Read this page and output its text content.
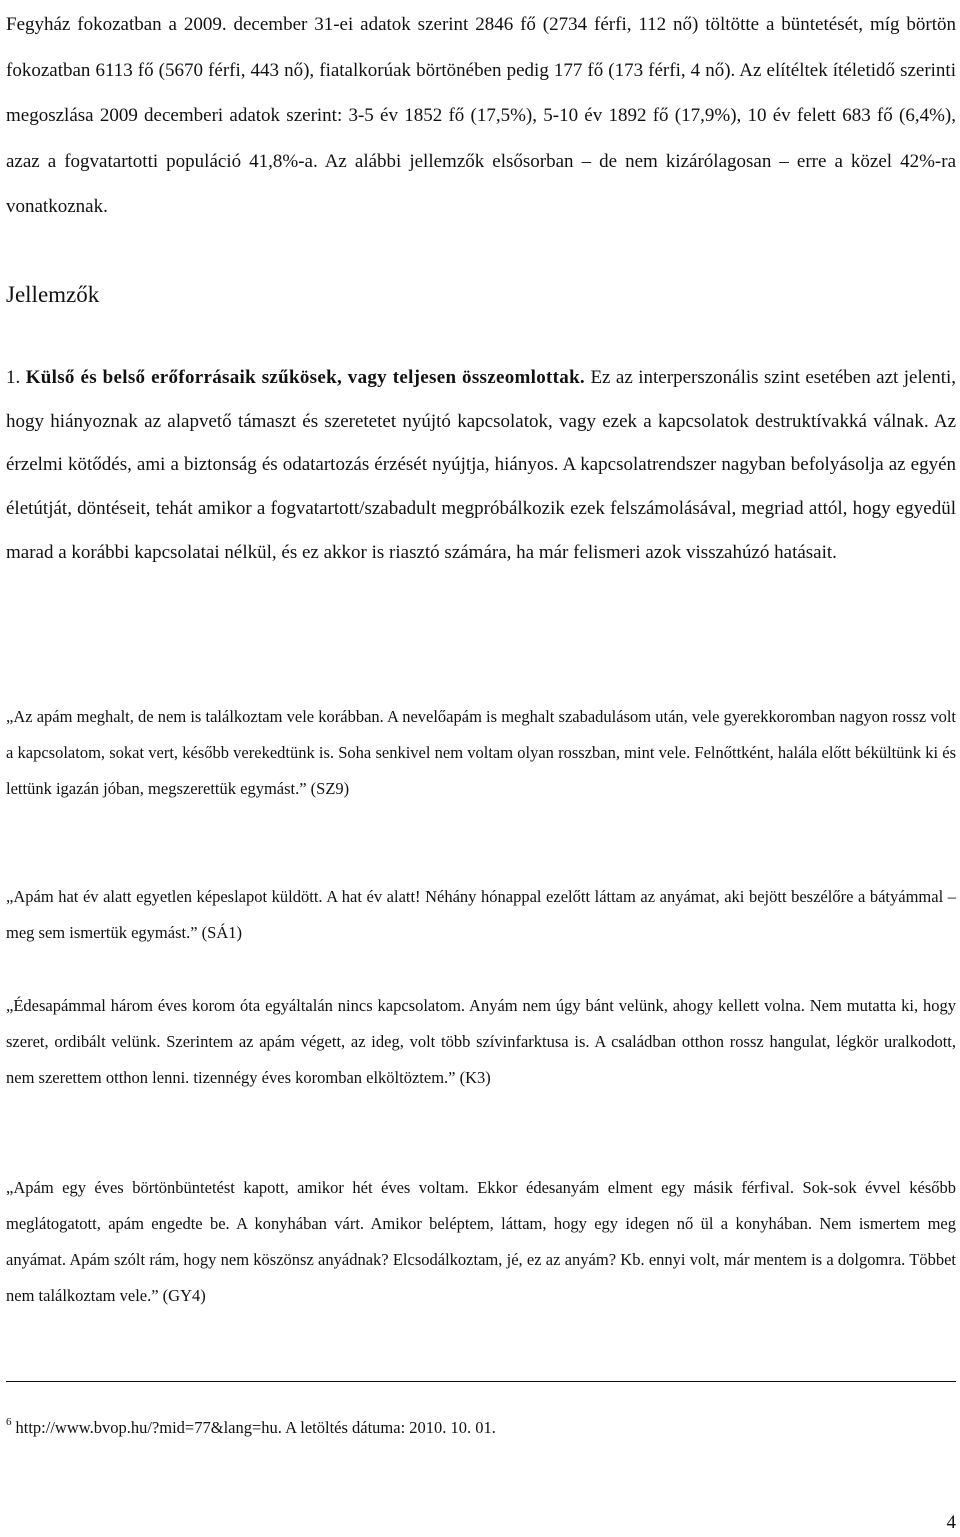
Fegyház fokozatban a 2009. december 31-ei adatok szerint 2846 fő (2734 férfi, 112 nő) töltötte a büntetését, míg börtön fokozatban 6113 fő (5670 férfi, 443 nő), fiatalkorúak börtönében pedig 177 fő (173 férfi, 4 nő). Az elítéltek ítéletidő szerinti megoszlása 2009 decemberi adatok szerint: 3-5 év 1852 fő (17,5%), 5-10 év 1892 fő (17,9%), 10 év felett 683 fő (6,4%), azaz a fogvatartotti populáció 41,8%-a. Az alábbi jellemzők elsősorban – de nem kizárólagosan – erre a közel 42%-ra vonatkoznak.

Jellemzők

1. Külső és belső erőforrásaik szűkösek, vagy teljesen összeomlottak. Ez az interperszonális szint esetében azt jelenti, hogy hiányoznak az alapvető támaszt és szeretetet nyújtó kapcsolatok, vagy ezek a kapcsolatok destruktívakká válnak. Az érzelmi kötődés, ami a biztonság és odatartozás érzését nyújtja, hiányos. A kapcsolatrendszer nagyban befolyásolja az egyén életútját, döntéseit, tehát amikor a fogvatartott/szabadult megpróbálkozik ezek felszámolásával, megriad attól, hogy egyedül marad a korábbi kapcsolatai nélkül, és ez akkor is riasztó számára, ha már felismeri azok visszahúzó hatásait.

„Az apám meghalt, de nem is találkoztam vele korábban. A nevelőapám is meghalt szabadulásom után, vele gyerekkoromban nagyon rossz volt a kapcsolatom, sokat vert, később verekedtünk is. Soha senkivel nem voltam olyan rosszban, mint vele. Felnőttként, halála előtt békültünk ki és lettünk igazán jóban, megszerettük egymást.” (SZ9)

„Apám hat év alatt egyetlen képeslapot küldött. A hat év alatt! Néhány hónappal ezelőtt láttam az anyámat, aki bejött beszélőre a bátyámmal – meg sem ismertük egymást.” (SÁ1)

„Édesapámmal három éves korom óta egyáltalán nincs kapcsolatom. Anyám nem úgy bánt velünk, ahogy kellett volna. Nem mutatta ki, hogy szeret, ordibált velünk. Szerintem az apám végett, az ideg, volt több szívinfarktusa is. A családban otthon rossz hangulat, légkör uralkodott, nem szerettem otthon lenni. tizennégy éves koromban elköltöztem.” (K3)

„Apám egy éves börtönbüntetést kapott, amikor hét éves voltam. Ekkor édesanyám elment egy másik férfival. Sok-sok évvel később meglátogatott, apám engedte be. A konyhában várt. Amikor beléptem, láttam, hogy egy idegen nő ül a konyhában. Nem ismertem meg anyámat. Apám szólt rám, hogy nem köszönsz anyádnak? Elcsodálkoztam, jé, ez az anyám? Kb. ennyi volt, már mentem is a dolgomra. Többet nem találkoztam vele.” (GY4)

$^6$ http://www.bvop.hu/?mid=77&lang=hu. A letöltés dátuma: 2010. 10. 01.

4
